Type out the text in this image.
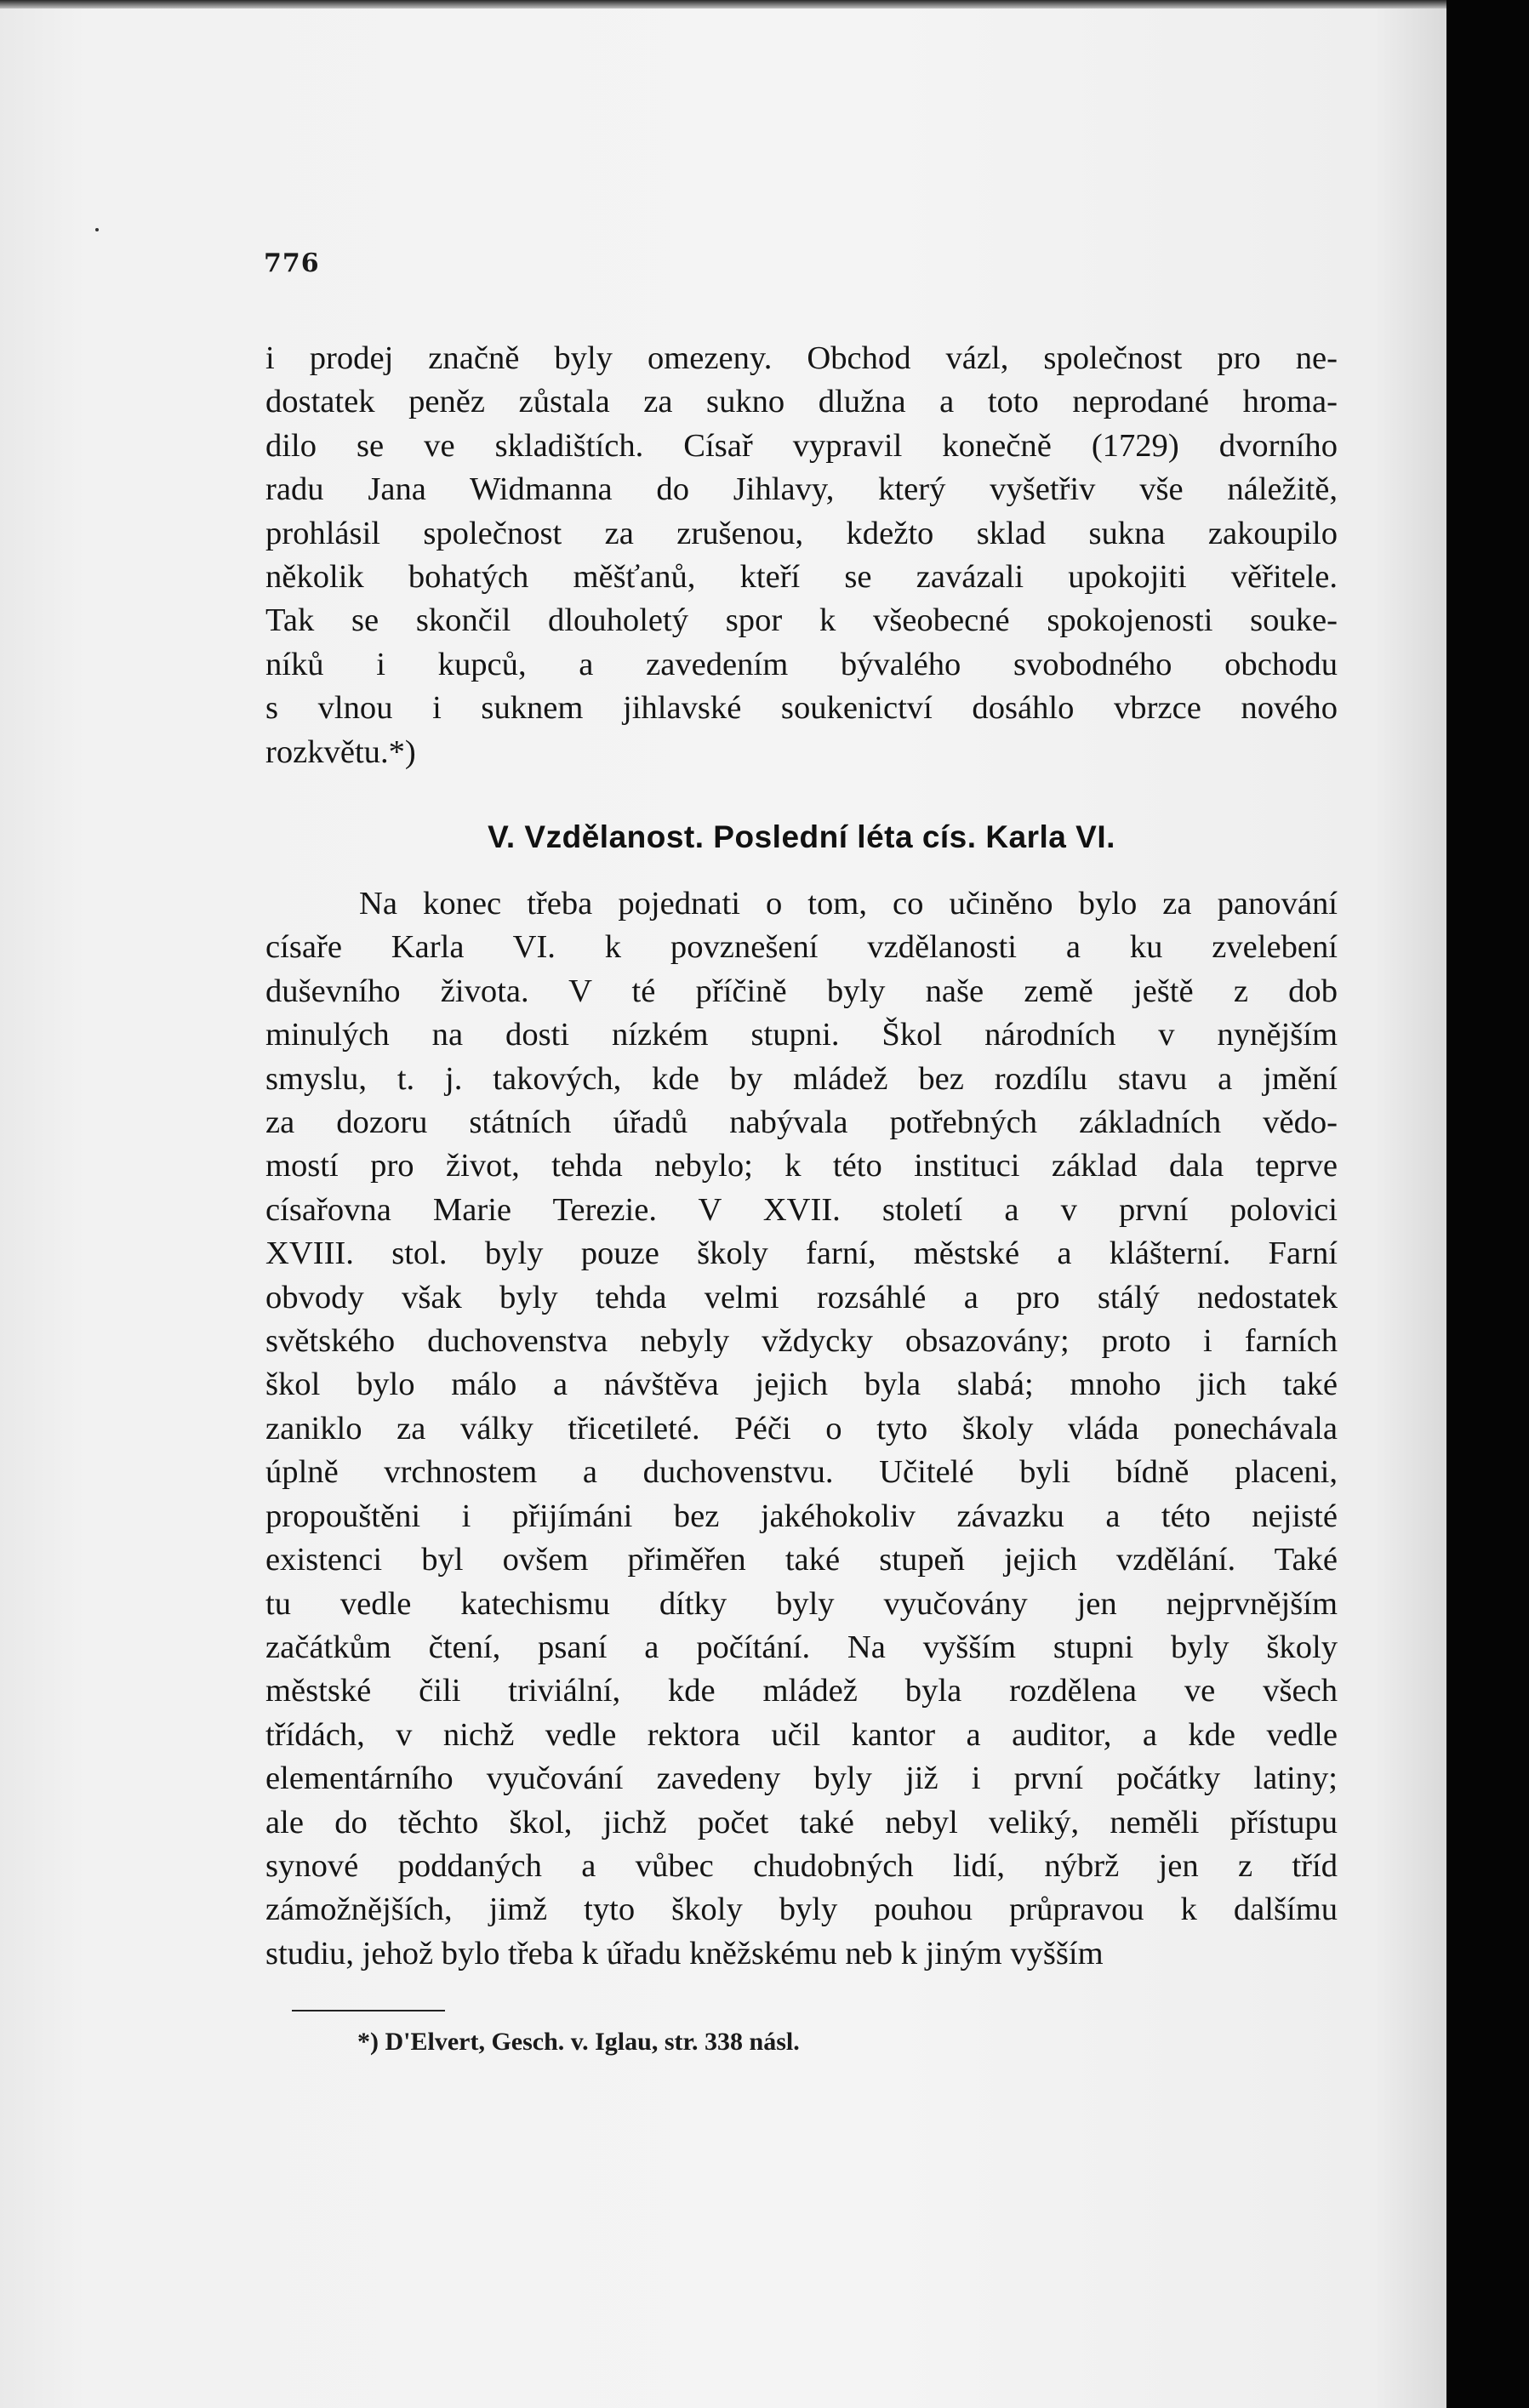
776
i prodej značně byly omezeny. Obchod vázl, společnost pro ne-
dostatek peněz zůstala za sukno dlužna a toto neprodané hroma-
dilo se ve skladištích. Císař vypravil konečně (1729) dvorního
radu Jana Widmanna do Jihlavy, který vyšetřiv vše náležitě,
prohlásil společnost za zrušenou, kdežto sklad sukna zakoupilo
několik bohatých měšťanů, kteří se zavázali upokojiti věřitele.
Tak se skončil dlouholetý spor k všeobecné spokojenosti souke-
níků i kupců, a zavedením bývalého svobodného obchodu
s vlnou i suknem jihlavské soukenictví dosáhlo vbrzce nového
rozkvětu.*)
V. Vzdělanost. Poslední léta cís. Karla VI.
Na konec třeba pojednati o tom, co učiněno bylo za panování
císaře Karla VI. k povznešení vzdělanosti a ku zvelebení
duševního života. V té příčině byly naše země ještě z dob
minulých na dosti nízkém stupni. Škol národních v nynějším
smyslu, t. j. takových, kde by mládež bez rozdílu stavu a jmění
za dozoru státních úřadů nabývala potřebných základních vědo-
mostí pro život, tehda nebylo; k této instituci základ dala teprve
císařovna Marie Terezie. V XVII. století a v první polovici
XVIII. stol. byly pouze školy farní, městské a klášterní. Farní
obvody však byly tehda velmi rozsáhlé a pro stálý nedostatek
světského duchovenstva nebyly vždycky obsazovány; proto i farních
škol bylo málo a návštěva jejich byla slabá; mnoho jich také
zaniklo za války třicetileté. Péči o tyto školy vláda ponechávala
úplně vrchnostem a duchovenstvu. Učitelé byli bídně placeni,
propouštěni i přijímáni bez jakéhokoliv závazku a této nejisté
existenci byl ovšem přiměřen také stupeň jejich vzdělání. Také
tu vedle katechismu dítky byly vyučovány jen nejprvnějším
začátkům čtení, psaní a počítání. Na vyšším stupni byly školy
městské čili triviální, kde mládež byla rozdělena ve všech
třídách, v nichž vedle rektora učil kantor a auditor, a kde vedle
elementárního vyučování zavedeny byly již i první počátky latiny;
ale do těchto škol, jichž počet také nebyl veliký, neměli přístupu
synové poddaných a vůbec chudobných lidí, nýbrž jen z tříd
zámožnějších, jimž tyto školy byly pouhou průpravou k dalšímu
studiu, jehož bylo třeba k úřadu kněžskému neb k jiným vyšším

*) D'Elvert, Gesch. v. Iglau, str. 338 násl.
